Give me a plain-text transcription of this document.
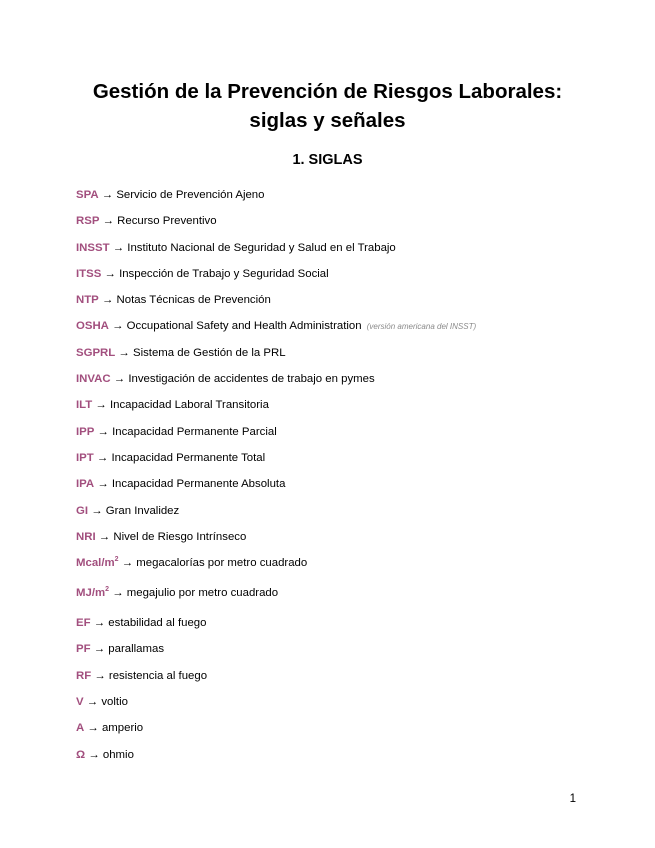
Gestión de la Prevención de Riesgos Laborales:
siglas y señales
1. SIGLAS
SPA → Servicio de Prevención Ajeno
RSP → Recurso Preventivo
INSST → Instituto Nacional de Seguridad y Salud en el Trabajo
ITSS → Inspección de Trabajo y Seguridad Social
NTP → Notas Técnicas de Prevención
OSHA → Occupational Safety and Health Administration (versión americana del INSST)
SGPRL → Sistema de Gestión de la PRL
INVAC → Investigación de accidentes de trabajo en pymes
ILT → Incapacidad Laboral Transitoria
IPP → Incapacidad Permanente Parcial
IPT → Incapacidad Permanente Total
IPA → Incapacidad Permanente Absoluta
GI → Gran Invalidez
NRI → Nivel de Riesgo Intrínseco
Mcal/$m^2$ → megacalorías por metro cuadrado
$MJ/m^2$ → megajulio por metro cuadrado
EF → estabilidad al fuego
PF → parallamas
RF → resistencia al fuego
V → voltio
A → amperio
Ω → ohmio
1
